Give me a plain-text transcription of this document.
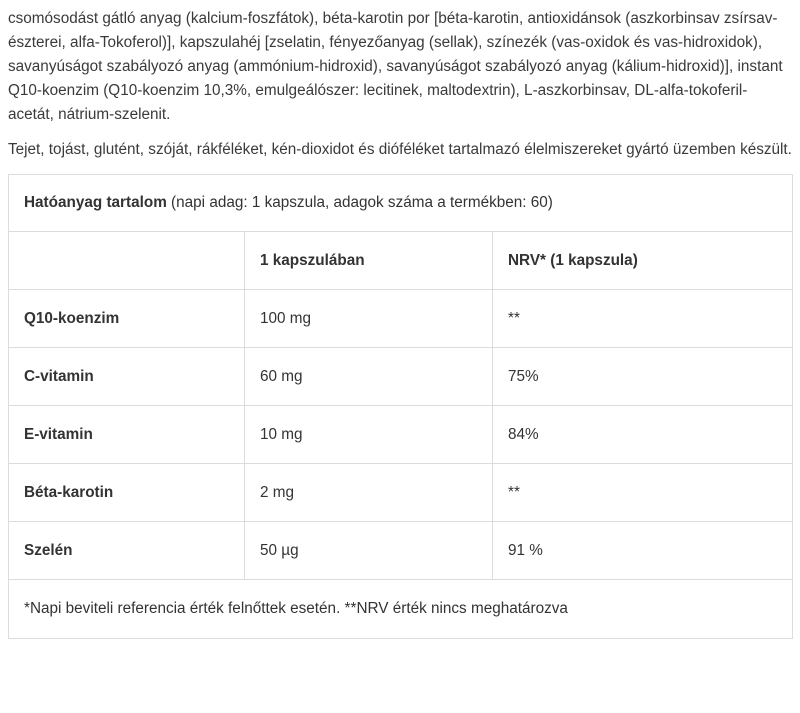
csomósodást gátló anyag (kalcium-foszfátok), béta-karotin por [béta-karotin, antioxidánsok (aszkorbinsav zsírsav-észterei, alfa-Tokoferol)], kapszulahéj [zselatin, fényezőanyag (sellak), színezék (vas-oxidok és vas-hidroxidok), savanyúságot szabályozó anyag (ammónium-hidroxid), savanyúságot szabályozó anyag (kálium-hidroxid)], instant Q10-koenzim (Q10-koenzim 10,3%, emulgeálószer: lecitinek, maltodextrin), L-aszkorbinsav, DL-alfa-tokoferil-acetát, nátrium-szelenit.

Tejet, tojást, glutént, szóját, rákféléket, kén-dioxidot és dióféléket tartalmazó élelmiszereket gyártó üzemben készült.

Hatóanyag tartalom (napi adag: 1 kapszula, adagok száma a termékben: 60)		
	1 kapszulában	NRV* (1 kapszula)
Q10-koenzim	100 mg	**
C-vitamin	60 mg	75%
E-vitamin	10 mg	84%
Béta-karotin	2 mg	**
Szelén	50 µg	91 %
*Napi beviteli referencia érték felnőttek esetén. **NRV érték nincs meghatározva		
